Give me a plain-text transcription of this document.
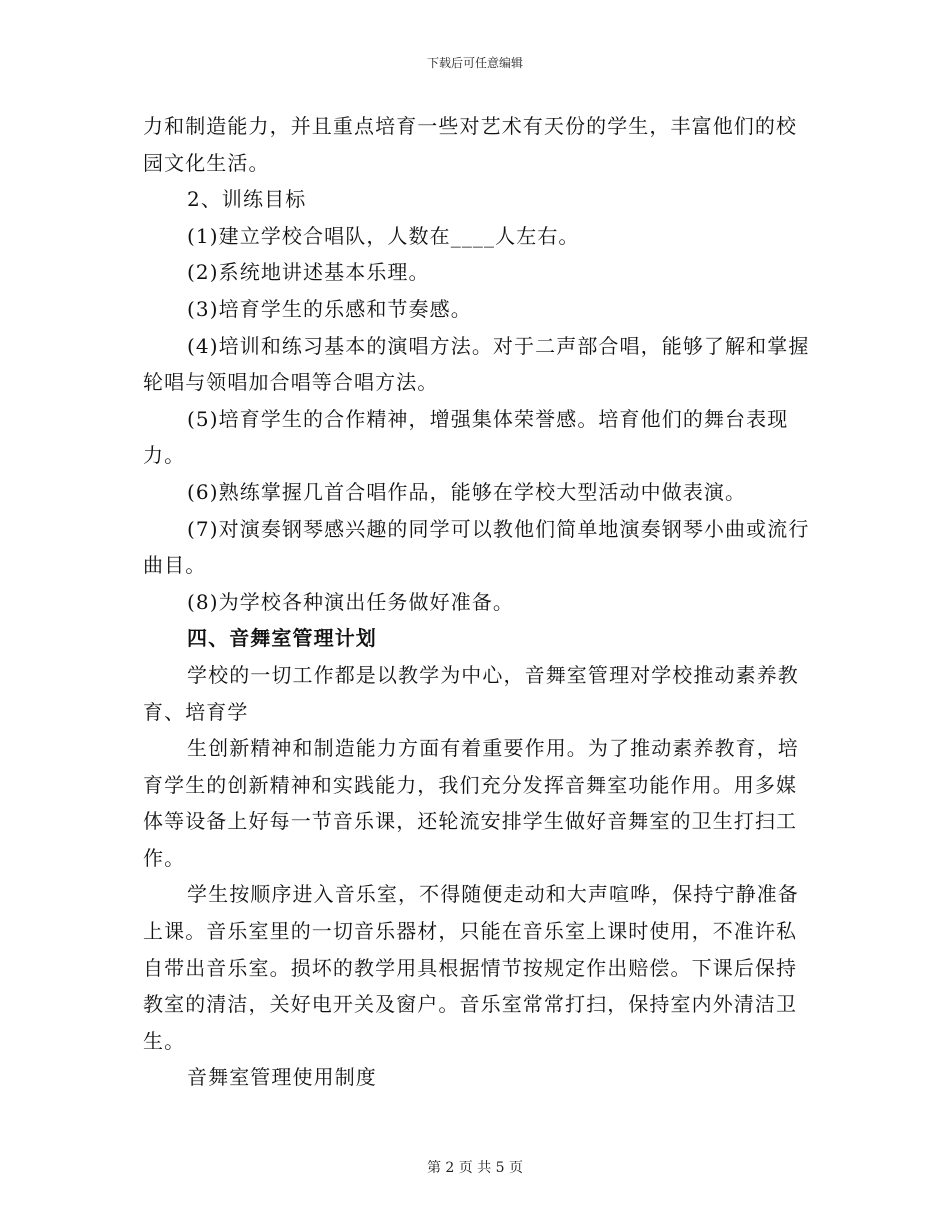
下载后可任意编辑

力和制造能力，并且重点培育一些对艺术有天份的学生，丰富他们的校园文化生活。

2、训练目标

(1)建立学校合唱队，人数在____人左右。

(2)系统地讲述基本乐理。

(3)培育学生的乐感和节奏感。

(4)培训和练习基本的演唱方法。对于二声部合唱，能够了解和掌握轮唱与领唱加合唱等合唱方法。

(5)培育学生的合作精神，增强集体荣誉感。培育他们的舞台表现力。

(6)熟练掌握几首合唱作品，能够在学校大型活动中做表演。

(7)对演奏钢琴感兴趣的同学可以教他们简单地演奏钢琴小曲或流行曲目。

(8)为学校各种演出任务做好准备。

四、音舞室管理计划

学校的一切工作都是以教学为中心，音舞室管理对学校推动素养教育、培育学

生创新精神和制造能力方面有着重要作用。为了推动素养教育，培育学生的创新精神和实践能力，我们充分发挥音舞室功能作用。用多媒体等设备上好每一节音乐课，还轮流安排学生做好音舞室的卫生打扫工作。

学生按顺序进入音乐室，不得随便走动和大声喧哗，保持宁静准备上课。音乐室里的一切音乐器材，只能在音乐室上课时使用，不准许私自带出音乐室。损坏的教学用具根据情节按规定作出赔偿。下课后保持教室的清洁，关好电开关及窗户。音乐室常常打扫，保持室内外清洁卫生。

音舞室管理使用制度

第 2 页 共 5 页
